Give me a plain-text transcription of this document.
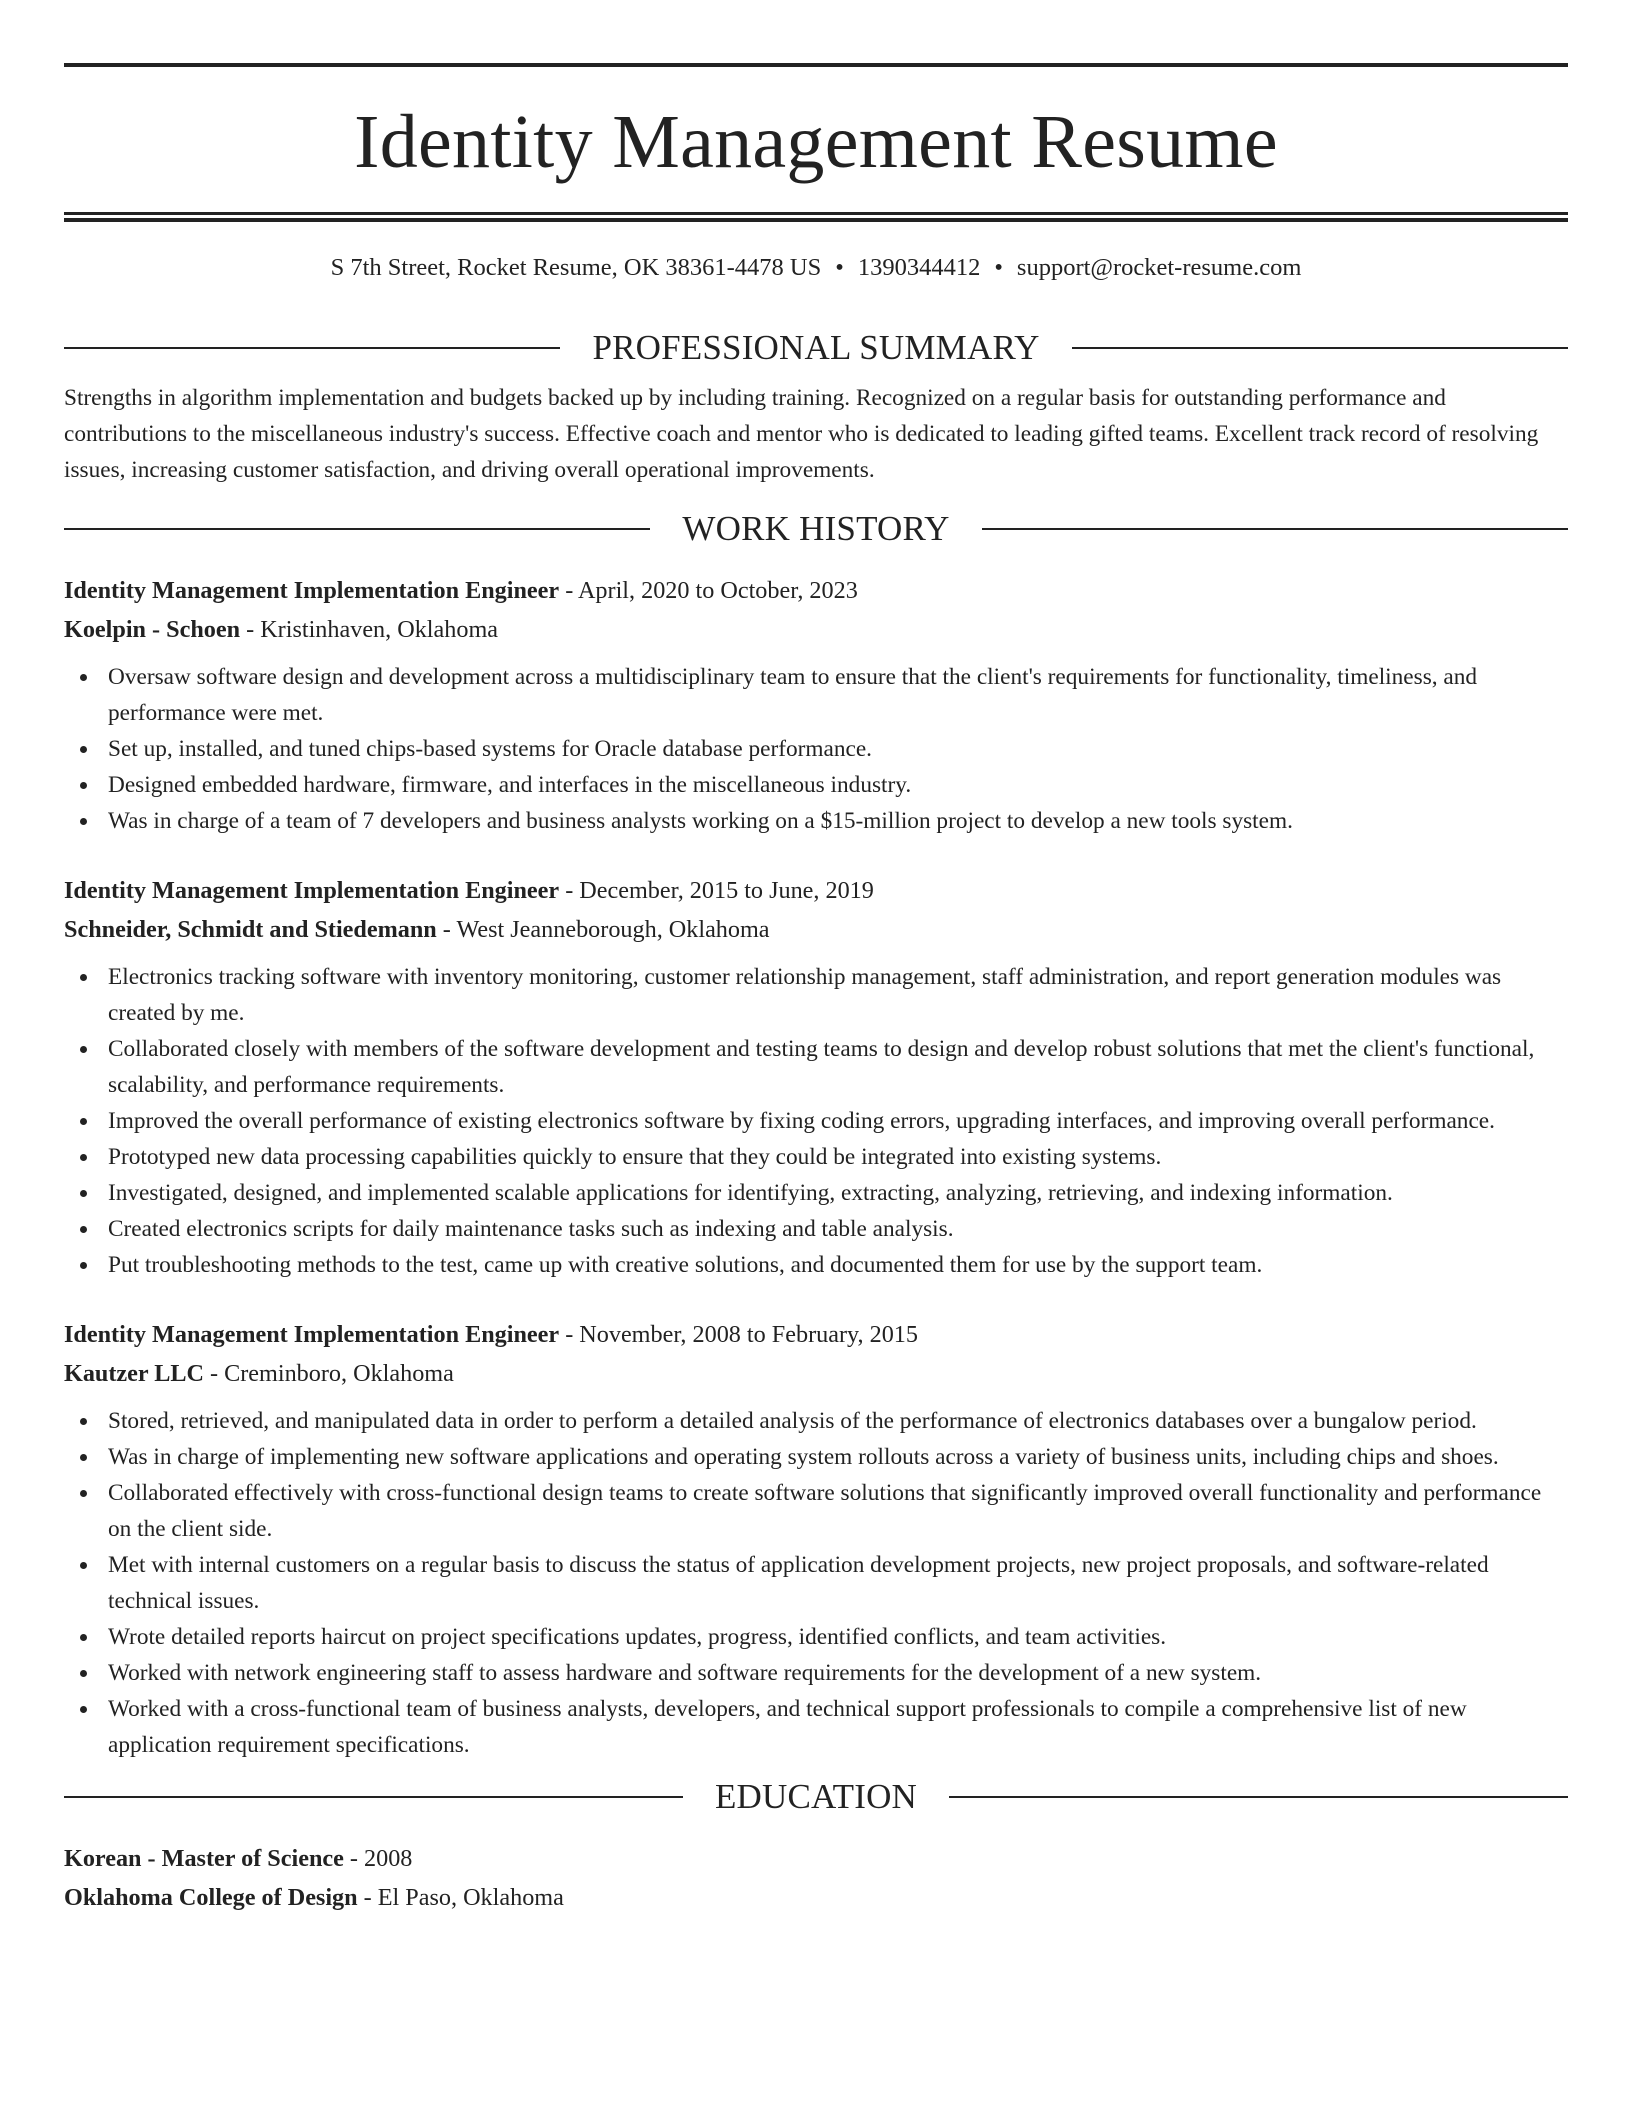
Identity Management Resume
S 7th Street, Rocket Resume, OK 38361-4478 US • 1390344412 • support@rocket-resume.com
PROFESSIONAL SUMMARY

Strengths in algorithm implementation and budgets backed up by including training. Recognized on a regular basis for outstanding performance and contributions to the miscellaneous industry's success. Effective coach and mentor who is dedicated to leading gifted teams. Excellent track record of resolving issues, increasing customer satisfaction, and driving overall operational improvements.

WORK HISTORY
Identity Management Implementation Engineer - April, 2020 to October, 2023
Koelpin - Schoen - Kristinhaven, Oklahoma
Oversaw software design and development across a multidisciplinary team to ensure that the client's requirements for functionality, timeliness, and performance were met.
Set up, installed, and tuned chips-based systems for Oracle database performance.
Designed embedded hardware, firmware, and interfaces in the miscellaneous industry.
Was in charge of a team of 7 developers and business analysts working on a $15-million project to develop a new tools system.
Identity Management Implementation Engineer - December, 2015 to June, 2019
Schneider, Schmidt and Stiedemann - West Jeanneborough, Oklahoma
Electronics tracking software with inventory monitoring, customer relationship management, staff administration, and report generation modules was created by me.
Collaborated closely with members of the software development and testing teams to design and develop robust solutions that met the client's functional, scalability, and performance requirements.
Improved the overall performance of existing electronics software by fixing coding errors, upgrading interfaces, and improving overall performance.
Prototyped new data processing capabilities quickly to ensure that they could be integrated into existing systems.
Investigated, designed, and implemented scalable applications for identifying, extracting, analyzing, retrieving, and indexing information.
Created electronics scripts for daily maintenance tasks such as indexing and table analysis.
Put troubleshooting methods to the test, came up with creative solutions, and documented them for use by the support team.
Identity Management Implementation Engineer - November, 2008 to February, 2015
Kautzer LLC - Creminboro, Oklahoma
Stored, retrieved, and manipulated data in order to perform a detailed analysis of the performance of electronics databases over a bungalow period.
Was in charge of implementing new software applications and operating system rollouts across a variety of business units, including chips and shoes.
Collaborated effectively with cross-functional design teams to create software solutions that significantly improved overall functionality and performance on the client side.
Met with internal customers on a regular basis to discuss the status of application development projects, new project proposals, and software-related technical issues.
Wrote detailed reports haircut on project specifications updates, progress, identified conflicts, and team activities.
Worked with network engineering staff to assess hardware and software requirements for the development of a new system.
Worked with a cross-functional team of business analysts, developers, and technical support professionals to compile a comprehensive list of new application requirement specifications.
EDUCATION
Korean - Master of Science - 2008
Oklahoma College of Design - El Paso, Oklahoma
